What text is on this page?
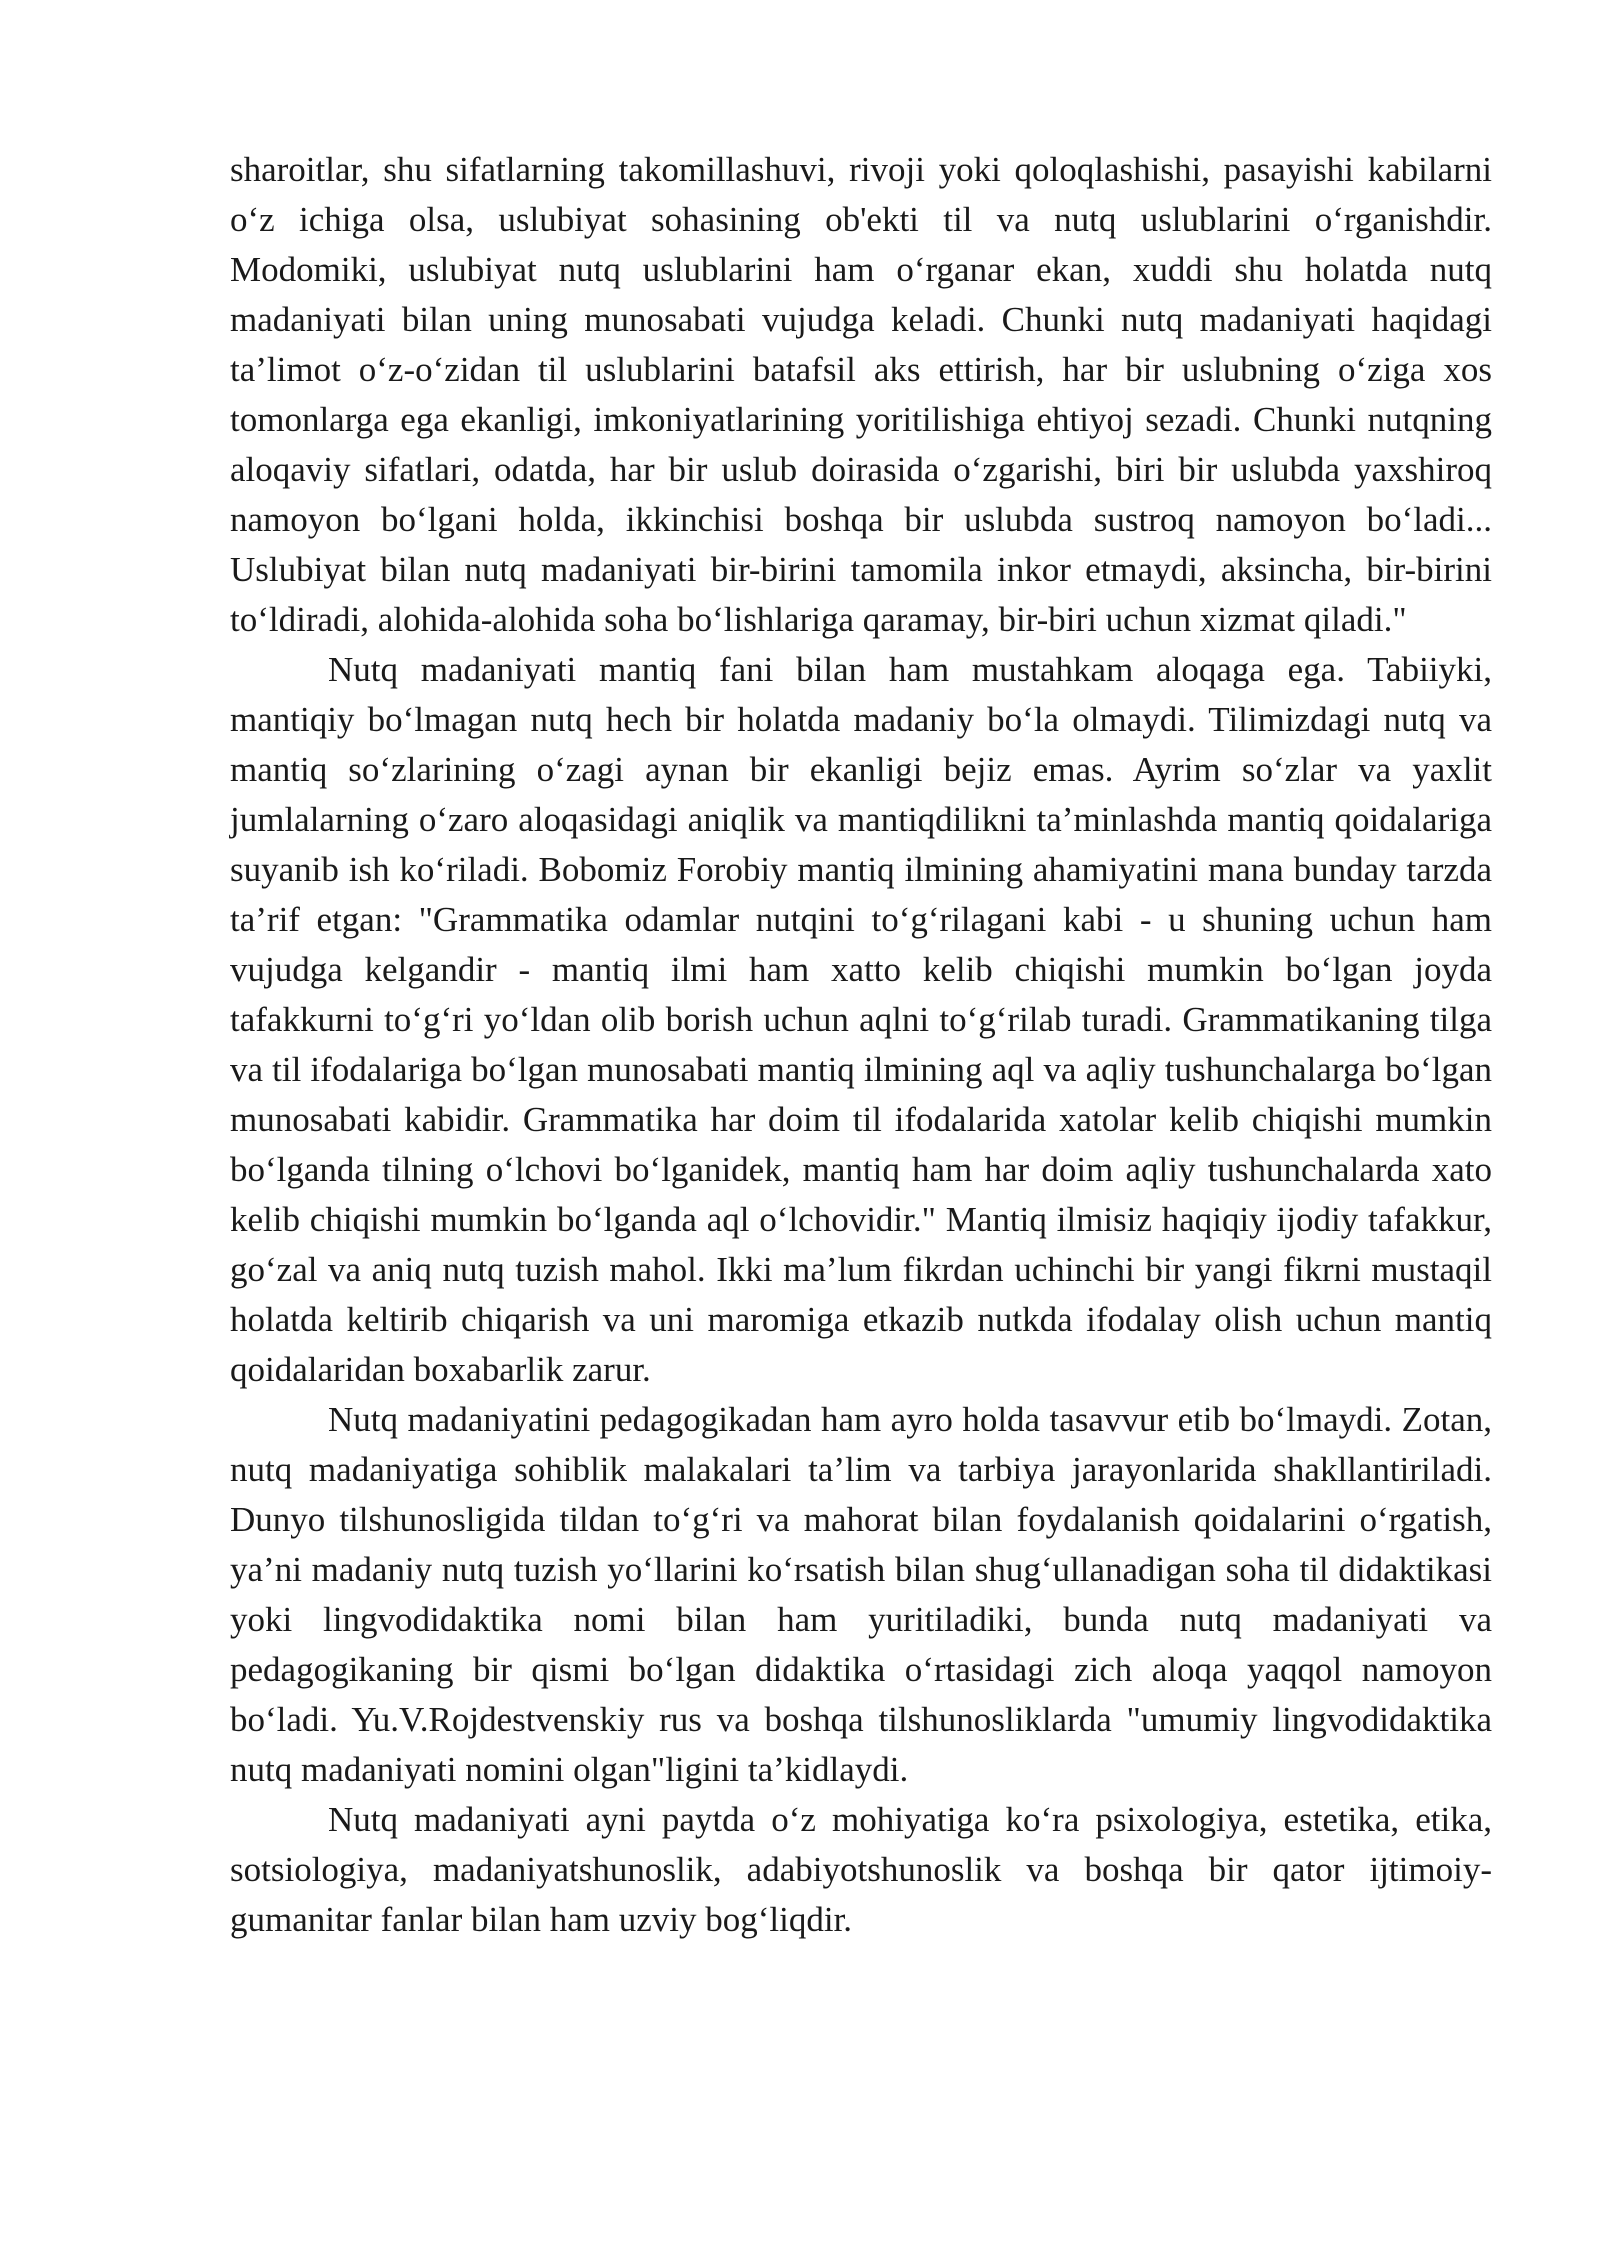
sharoitlar, shu sifatlarning takomillashuvi, rivoji yoki qoloqlashishi, pasayishi kabilarni o‘z ichiga olsa, uslubiyat sohasining ob'ekti til va nutq uslublarini o‘rganishdir. Modomiki, uslubiyat nutq uslublarini ham o‘rganar ekan, xuddi shu holatda nutq madaniyati bilan uning munosabati vujudga keladi. Chunki nutq madaniyati haqidagi ta’limot o‘z-o‘zidan til uslublarini batafsil aks ettirish, har bir uslubning o‘ziga xos tomonlarga ega ekanligi, imkoniyatlarining yoritilishiga ehtiyoj sezadi. Chunki nutqning aloqaviy sifatlari, odatda, har bir uslub doirasida o‘zgarishi, biri bir uslubda yaxshiroq namoyon bo‘lgani holda, ikkinchisi boshqa bir uslubda sustroq namoyon bo‘ladi... Uslubiyat bilan nutq madaniyati bir-birini tamomila inkor etmaydi, aksincha, bir-birini to‘ldiradi, alohida-alohida soha bo‘lishlariga qaramay, bir-biri uchun xizmat qiladi."

Nutq madaniyati mantiq fani bilan ham mustahkam aloqaga ega. Tabiiyki, mantiqiy bo‘lmagan nutq hech bir holatda madaniy bo‘la olmaydi. Tilimizdagi nutq va mantiq so‘zlarining o‘zagi aynan bir ekanligi bejiz emas. Ayrim so‘zlar va yaxlit jumlalarning o‘zaro aloqasidagi aniqlik va mantiqdilikni ta’minlashda mantiq qoidalariga suyanib ish ko‘riladi. Bobomiz Forobiy mantiq ilmining ahamiyatini mana bunday tarzda ta’rif etgan: "Grammatika odamlar nutqini to‘g‘rilagani kabi - u shuning uchun ham vujudga kelgandir - mantiq ilmi ham xatto kelib chiqishi mumkin bo‘lgan joyda tafakkurni to‘g‘ri yo‘ldan olib borish uchun aqlni to‘g‘rilab turadi. Grammatikaning tilga va til ifodalariga bo‘lgan munosabati mantiq ilmining aql va aqliy tushunchalarga bo‘lgan munosabati kabidir. Grammatika har doim til ifodalarida xatolar kelib chiqishi mumkin bo‘lganda tilning o‘lchovi bo‘lganidek, mantiq ham har doim aqliy tushunchalarda xato kelib chiqishi mumkin bo‘lganda aql o‘lchovidir." Mantiq ilmisiz haqiqiy ijodiy tafakkur, go‘zal va aniq nutq tuzish mahol. Ikki ma’lum fikrdan uchinchi bir yangi fikrni mustaqil holatda keltirib chiqarish va uni maromiga etkazib nutkda ifodalay olish uchun mantiq qoidalaridan boxabarlik zarur.

Nutq madaniyatini pedagogikadan ham ayro holda tasavvur etib bo‘lmaydi. Zotan, nutq madaniyatiga sohiblik malakalari ta’lim va tarbiya jarayonlarida shakllantiriladi. Dunyo tilshunosligida tildan to‘g‘ri va mahorat bilan foydalanish qoidalarini o‘rgatish, ya’ni madaniy nutq tuzish yo‘llarini ko‘rsatish bilan shug‘ullanadigan soha til didaktikasi yoki lingvodidaktika nomi bilan ham yuritiladiki, bunda nutq madaniyati va pedagogikaning bir qismi bo‘lgan didaktika o‘rtasidagi zich aloqa yaqqol namoyon bo‘ladi. Yu.V.Rojdestvenskiy rus va boshqa tilshunosliklarda "umumiy lingvodidaktika nutq madaniyati nomini olgan"ligini ta’kidlaydi.

Nutq madaniyati ayni paytda o‘z mohiyatiga ko‘ra psixologiya, estetika, etika, sotsiologiya, madaniyatshunoslik, adabiyotshunoslik va boshqa bir qator ijtimoiy-gumanitar fanlar bilan ham uzviy bog‘liqdir.
